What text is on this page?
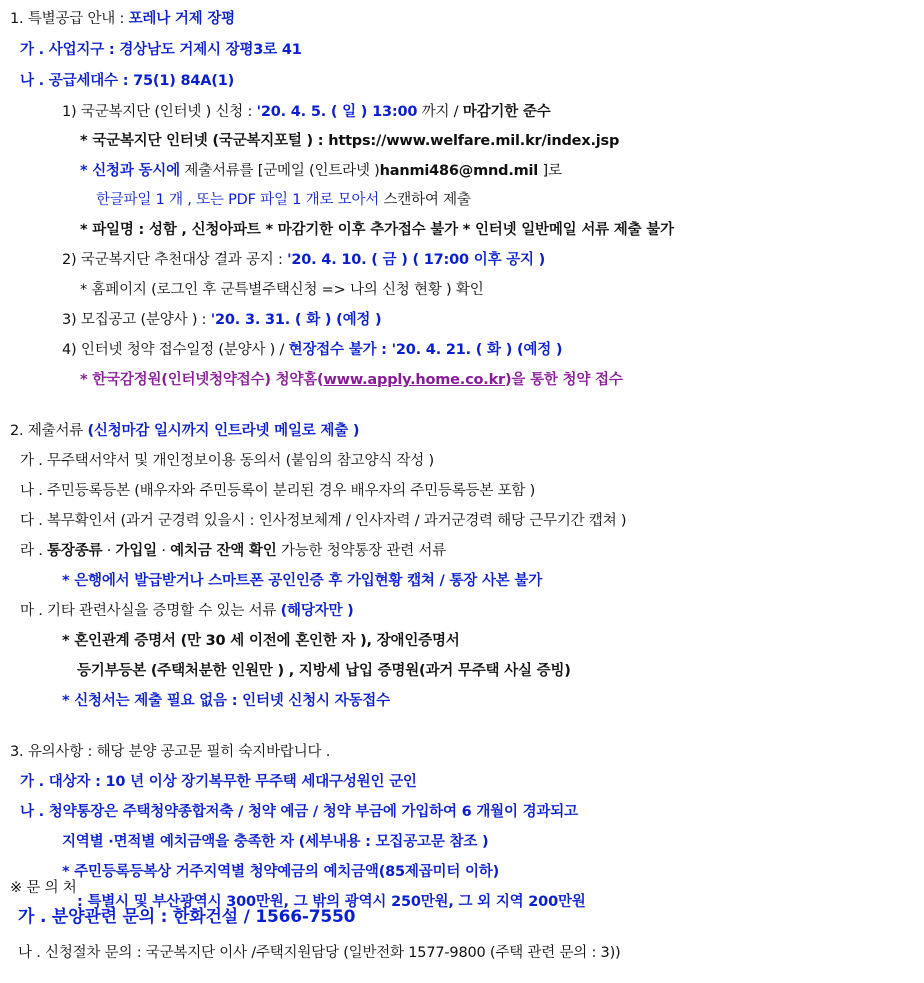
1. 특별공급 안내 : 포레나 거제 장평
가 . 사업지구 : 경상남도 거제시 장평3로 41
나 . 공급세대수 : 75(1) 84A(1)
1) 국군복지단 (인터넷 ) 신청 : '20. 4. 5. ( 일 ) 13:00 까지 / 마감기한 준수
* 국군복지단 인터넷 (국군복지포털 ) : https://www.welfare.mil.kr/index.jsp
* 신청과 동시에 제출서류를 [군메일 (인트라넷 )hanmi486@mnd.mil ]로
한글파일 1 개 , 또는 PDF 파일 1 개로 모아서 스캔하여 제출
* 파일명 : 성함 , 신청아파트 * 마감기한 이후 추가접수 불가 * 인터넷 일반메일 서류 제출 불가
2) 국군복지단 추천대상 결과 공지 : '20. 4. 10. ( 금 ) ( 17:00 이후 공지 )
* 홈페이지 (로그인 후 군특별주택신청 => 나의 신청 현황 ) 확인
3) 모집공고 (분양사 ) : '20. 3. 31. ( 화 ) (예정 )
4) 인터넷 청약 접수일정 (분양사 ) / 현장접수 불가 : '20. 4. 21. ( 화 ) (예정 )
* 한국감정원(인터넷청약접수) 청약홈(www.apply.home.co.kr)을 통한 청약 접수
2. 제출서류 (신청마감 일시까지 인트라넷 메일로 제출 )
가 . 무주택서약서 및 개인정보이용 동의서 (붙임의 참고양식 작성 )
나 . 주민등록등본 (배우자와 주민등록이 분리된 경우 배우자의 주민등록등본 포함 )
다 . 복무확인서 (과거 군경력 있을시 : 인사정보체계 / 인사자력 / 과거군경력 해당 근무기간 캡쳐 )
라 . 통장종류 · 가입일 · 예치금 잔액 확인 가능한 청약통장 관련 서류
* 은행에서 발급받거나 스마트폰 공인인증 후 가입현황 캡쳐 / 통장 사본 불가
마 . 기타 관련사실을 증명할 수 있는 서류 (해당자만 )
* 혼인관계 증명서 (만 30 세 이전에 혼인한 자 ), 장애인증명서
등기부등본 (주택처분한 인원만 ) , 지방세 납입 증명원(과거 무주택 사실 증빙)
* 신청서는 제출 필요 없음 : 인터넷 신청시 자동접수
3. 유의사항 : 해당 분양 공고문 필히 숙지바랍니다 .
가 . 대상자 : 10 년 이상 장기복무한 무주택 세대구성원인 군인
나 . 청약통장은 주택청약종합저축 / 청약 예금 / 청약 부금에 가입하여 6 개월이 경과되고
지역별 ·면적별 예치금액을 충족한 자 (세부내용 : 모집공고문 참조 )
* 주민등록등복상 거주지역별 청약예금의 예치금액(85제곱미터 이하)
: 특별시 및 부산광역시 300만원, 그 밖의 광역시 250만원, 그 외 지역 200만원
※ 문 의 처
가 . 분양관련 문의 : 한화건설 / 1566-7550
나 . 신청절차 문의 : 국군복지단 이사 /주택지원담당 (일반전화 1577-9800 (주택 관련 문의 : 3))
